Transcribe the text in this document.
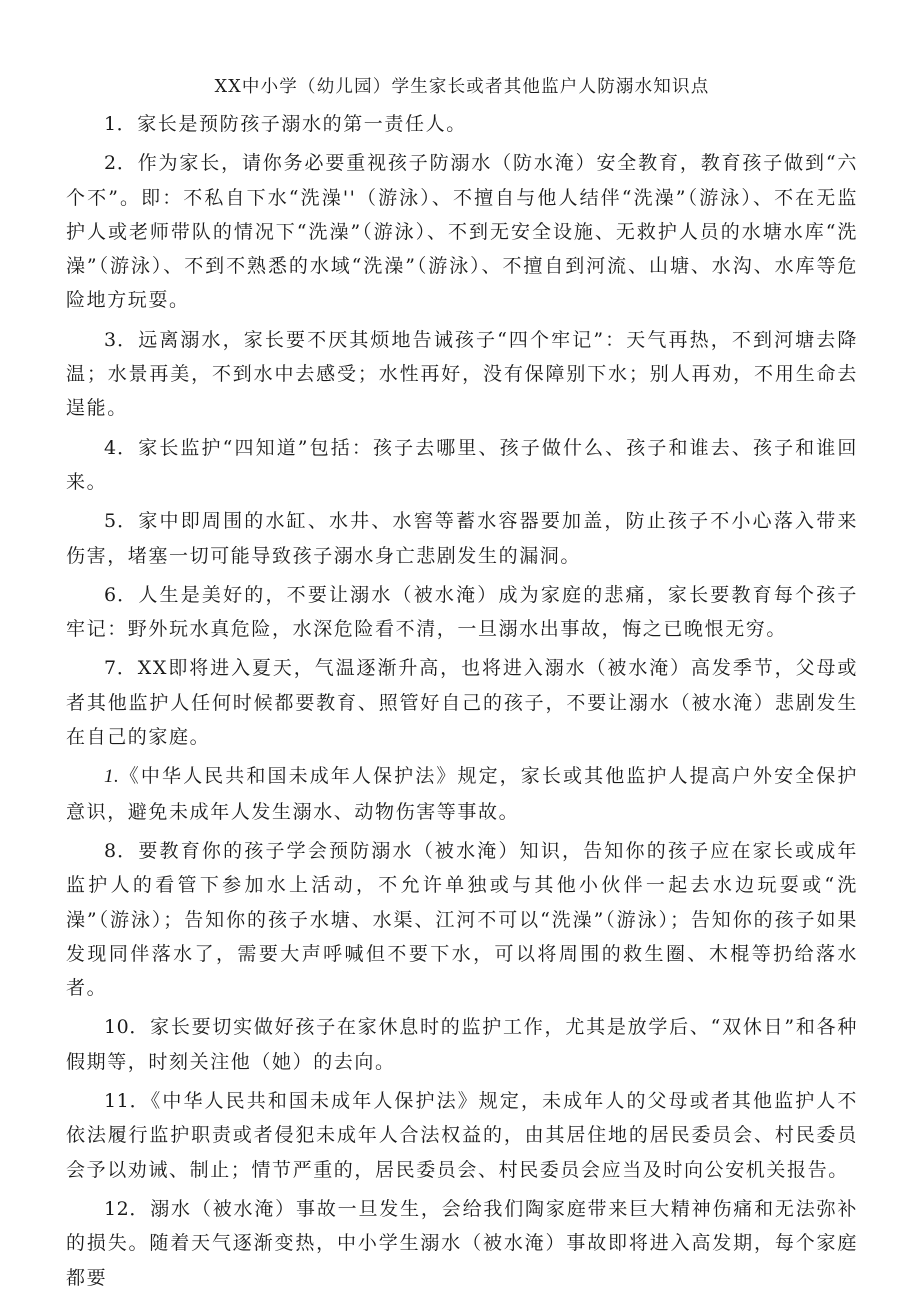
XX中小学（幼儿园）学生家长或者其他监户人防溺水知识点

1．家长是预防孩子溺水的第一责任人。

2．作为家长，请你务必要重视孩子防溺水（防水淹）安全教育，教育孩子做到“六个不”。即：不私自下水“洗澡''（游泳）、不擅自与他人结伴“洗澡”（游泳）、不在无监护人或老师带队的情况下“洗澡”（游泳）、不到无安全设施、无救护人员的水塘水库“洗澡”（游泳）、不到不熟悉的水域“洗澡”（游泳）、不擅自到河流、山塘、水沟、水库等危险地方玩耍。

3．远离溺水，家长要不厌其烦地告诫孩子“四个牢记”：天气再热，不到河塘去降温；水景再美，不到水中去感受；水性再好，没有保障别下水；别人再劝，不用生命去逞能。

4．家长监护“四知道”包括：孩子去哪里、孩子做什么、孩子和谁去、孩子和谁回来。

5．家中即周围的水缸、水井、水窖等蓄水容器要加盖，防止孩子不小心落入带来伤害，堵塞一切可能导致孩子溺水身亡悲剧发生的漏洞。

6．人生是美好的，不要让溺水（被水淹）成为家庭的悲痛，家长要教育每个孩子牢记：野外玩水真危险，水深危险看不清，一旦溺水出事故，悔之已晚恨无穷。

7．XX即将进入夏天，气温逐渐升高，也将进入溺水（被水淹）高发季节，父母或者其他监护人任何时候都要教育、照管好自己的孩子，不要让溺水（被水淹）悲剧发生在自己的家庭。

1.《中华人民共和国未成年人保护法》规定，家长或其他监护人提高户外安全保护意识，避免未成年人发生溺水、动物伤害等事故。

8．要教育你的孩子学会预防溺水（被水淹）知识，告知你的孩子应在家长或成年监护人的看管下参加水上活动，不允许单独或与其他小伙伴一起去水边玩耍或“洗澡”（游泳）；告知你的孩子水塘、水渠、江河不可以“洗澡”（游泳）；告知你的孩子如果发现同伴落水了，需要大声呼喊但不要下水，可以将周围的救生圈、木棍等扔给落水者。

10．家长要切实做好孩子在家休息时的监护工作，尤其是放学后、“双休日”和各种假期等，时刻关注他（她）的去向。

11．《中华人民共和国未成年人保护法》规定，未成年人的父母或者其他监护人不依法履行监护职责或者侵犯未成年人合法权益的，由其居住地的居民委员会、村民委员会予以劝诫、制止；情节严重的，居民委员会、村民委员会应当及时向公安机关报告。

12．溺水（被水淹）事故一旦发生，会给我们陶家庭带来巨大精神伤痛和无法弥补的损失。随着天气逐渐变热，中小学生溺水（被水淹）事故即将进入高发期，每个家庭都要
